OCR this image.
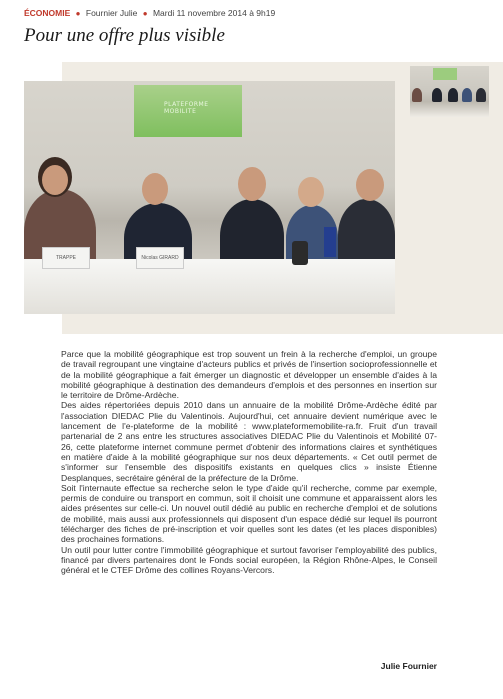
ÉCONOMIE ● Fournier Julie ● Mardi 11 novembre 2014 à 9h19
Pour une offre plus visible
PLATEFORME MOBILITE
TRAPPE	Nicolas GIRARD

Parce que la mobilité géographique est trop souvent un frein à la recherche d'emploi, un groupe de travail regroupant une vingtaine d'acteurs publics et privés de l'insertion socioprofessionnelle et de la mobilité géographique a fait émerger un diagnostic et développer un ensemble d'aides à la mobilité géographique à destination des demandeurs d'emplois et des personnes en insertion sur le territoire de Drôme-Ardèche.

Des aides répertoriées depuis 2010 dans un annuaire de la mobilité Drôme-Ardèche édité par l'association DIEDAC Plie du Valentinois. Aujourd'hui, cet annuaire devient numérique avec le lancement de l'e-plateforme de la mobilité : www.plateformemobilite-ra.fr. Fruit d'un travail partenarial de 2 ans entre les structures associatives DIEDAC Plie du Valentinois et Mobilité 07-26, cette plateforme internet commune permet d'obtenir des informations claires et synthétiques en matière d'aide à la mobilité géographique sur nos deux départements. « Cet outil permet de s'informer sur l'ensemble des dispositifs existants en quelques clics » insiste Étienne Desplanques, secrétaire général de la préfecture de la Drôme.

Soit l'internaute effectue sa recherche selon le type d'aide qu'il recherche, comme par exemple, permis de conduire ou transport en commun, soit il choisit une commune et apparaissent alors les aides présentes sur celle-ci. Un nouvel outil dédié au public en recherche d'emploi et de solutions de mobilité, mais aussi aux professionnels qui disposent d'un espace dédié sur lequel ils pourront télécharger des fiches de pré-inscription et voir quelles sont les dates (et les places disponibles) des prochaines formations.

Un outil pour lutter contre l'immobilité géographique et surtout favoriser l'employabilité des publics, financé par divers partenaires dont le Fonds social européen, la Région Rhône-Alpes, le Conseil général et le CTEF Drôme des collines Royans-Vercors.

Julie Fournier
